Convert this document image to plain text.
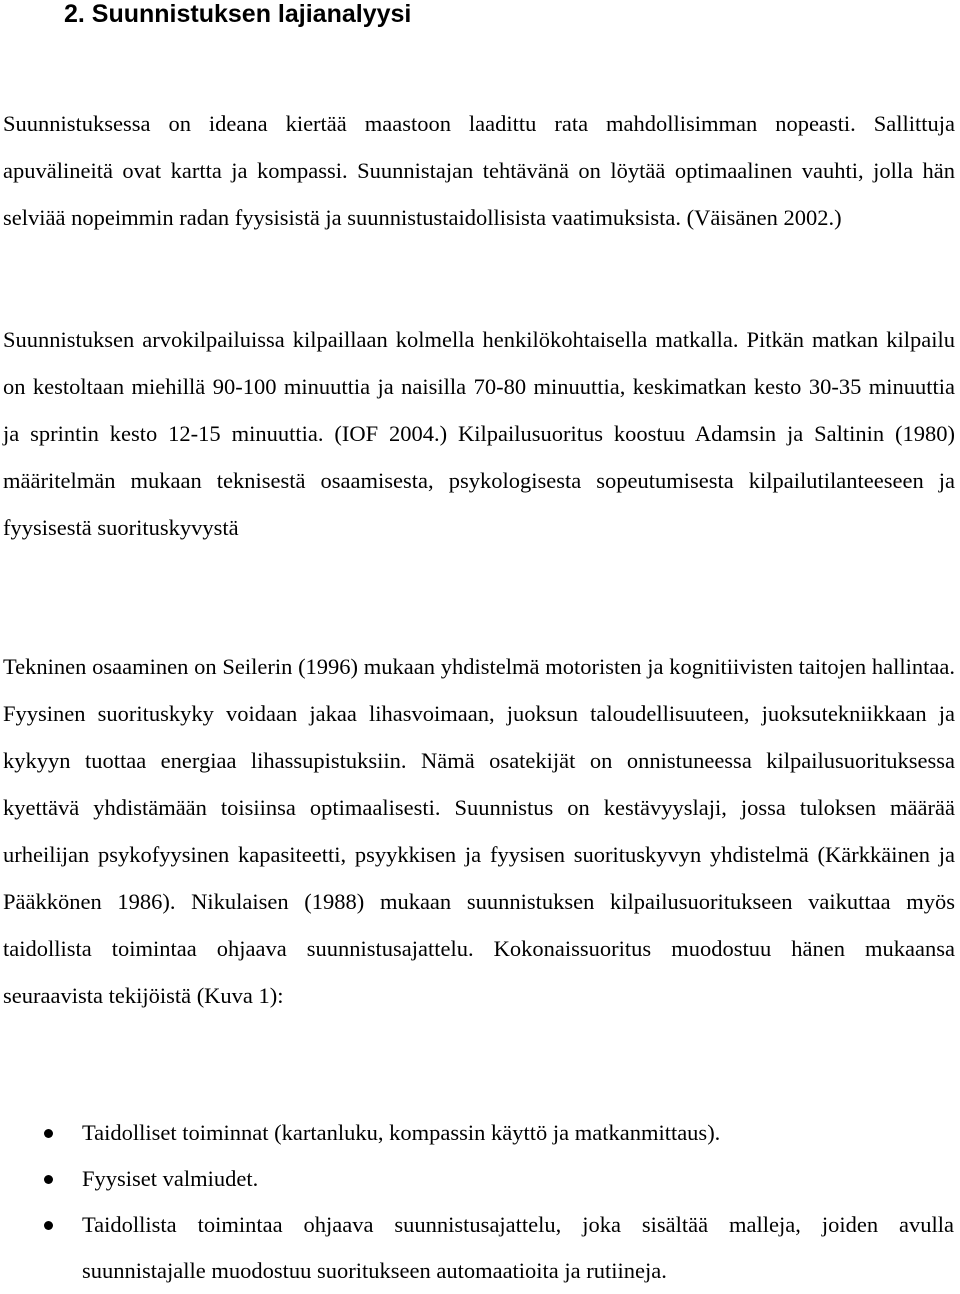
2. Suunnistuksen lajianalyysi

Suunnistuksessa on ideana kiertää maastoon laadittu rata mahdollisimman nopeasti. Sallittuja apuvälineitä ovat kartta ja kompassi. Suunnistajan tehtävänä on löytää optimaalinen vauhti, jolla hän selviää nopeimmin radan fyysisistä ja suunnistustaidollisista vaatimuksista. (Väisänen 2002.)

Suunnistuksen arvokilpailuissa kilpaillaan kolmella henkilökohtaisella matkalla. Pitkän matkan kilpailu on kestoltaan miehillä 90-100 minuuttia ja naisilla 70-80 minuuttia, keskimatkan kesto 30-35 minuuttia ja sprintin kesto 12-15 minuuttia. (IOF 2004.) Kilpailusuoritus koostuu Adamsin ja Saltinin (1980) määritelmän mukaan teknisestä osaamisesta, psykologisesta sopeutumisesta kilpailutilanteeseen ja fyysisestä suorituskyvystä

Tekninen osaaminen on Seilerin (1996) mukaan yhdistelmä motoristen ja kognitiivisten taitojen hallintaa. Fyysinen suorituskyky voidaan jakaa lihasvoimaan, juoksun taloudellisuuteen, juoksutekniikkaan ja kykyyn tuottaa energiaa lihassupistuksiin. Nämä osatekijät on onnistuneessa kilpailusuorituksessa kyettävä yhdistämään toisiinsa optimaalisesti. Suunnistus on kestävyyslaji, jossa tuloksen määrää urheilijan psykofyysinen kapasiteetti, psyykkisen ja fyysisen suorituskyvyn yhdistelmä (Kärkkäinen ja Pääkkönen 1986). Nikulaisen (1988) mukaan suunnistuksen kilpailusuoritukseen vaikuttaa myös taidollista toimintaa ohjaava suunnistusajattelu. Kokonaissuoritus muodostuu hänen mukaansa seuraavista tekijöistä (Kuva 1):

Taidolliset toiminnat (kartanluku, kompassin käyttö ja matkanmittaus).
Fyysiset valmiudet.
Taidollista toimintaa ohjaava suunnistusajattelu, joka sisältää malleja, joiden avulla suunnistajalle muodostuu suoritukseen automaatioita ja rutiineja.
